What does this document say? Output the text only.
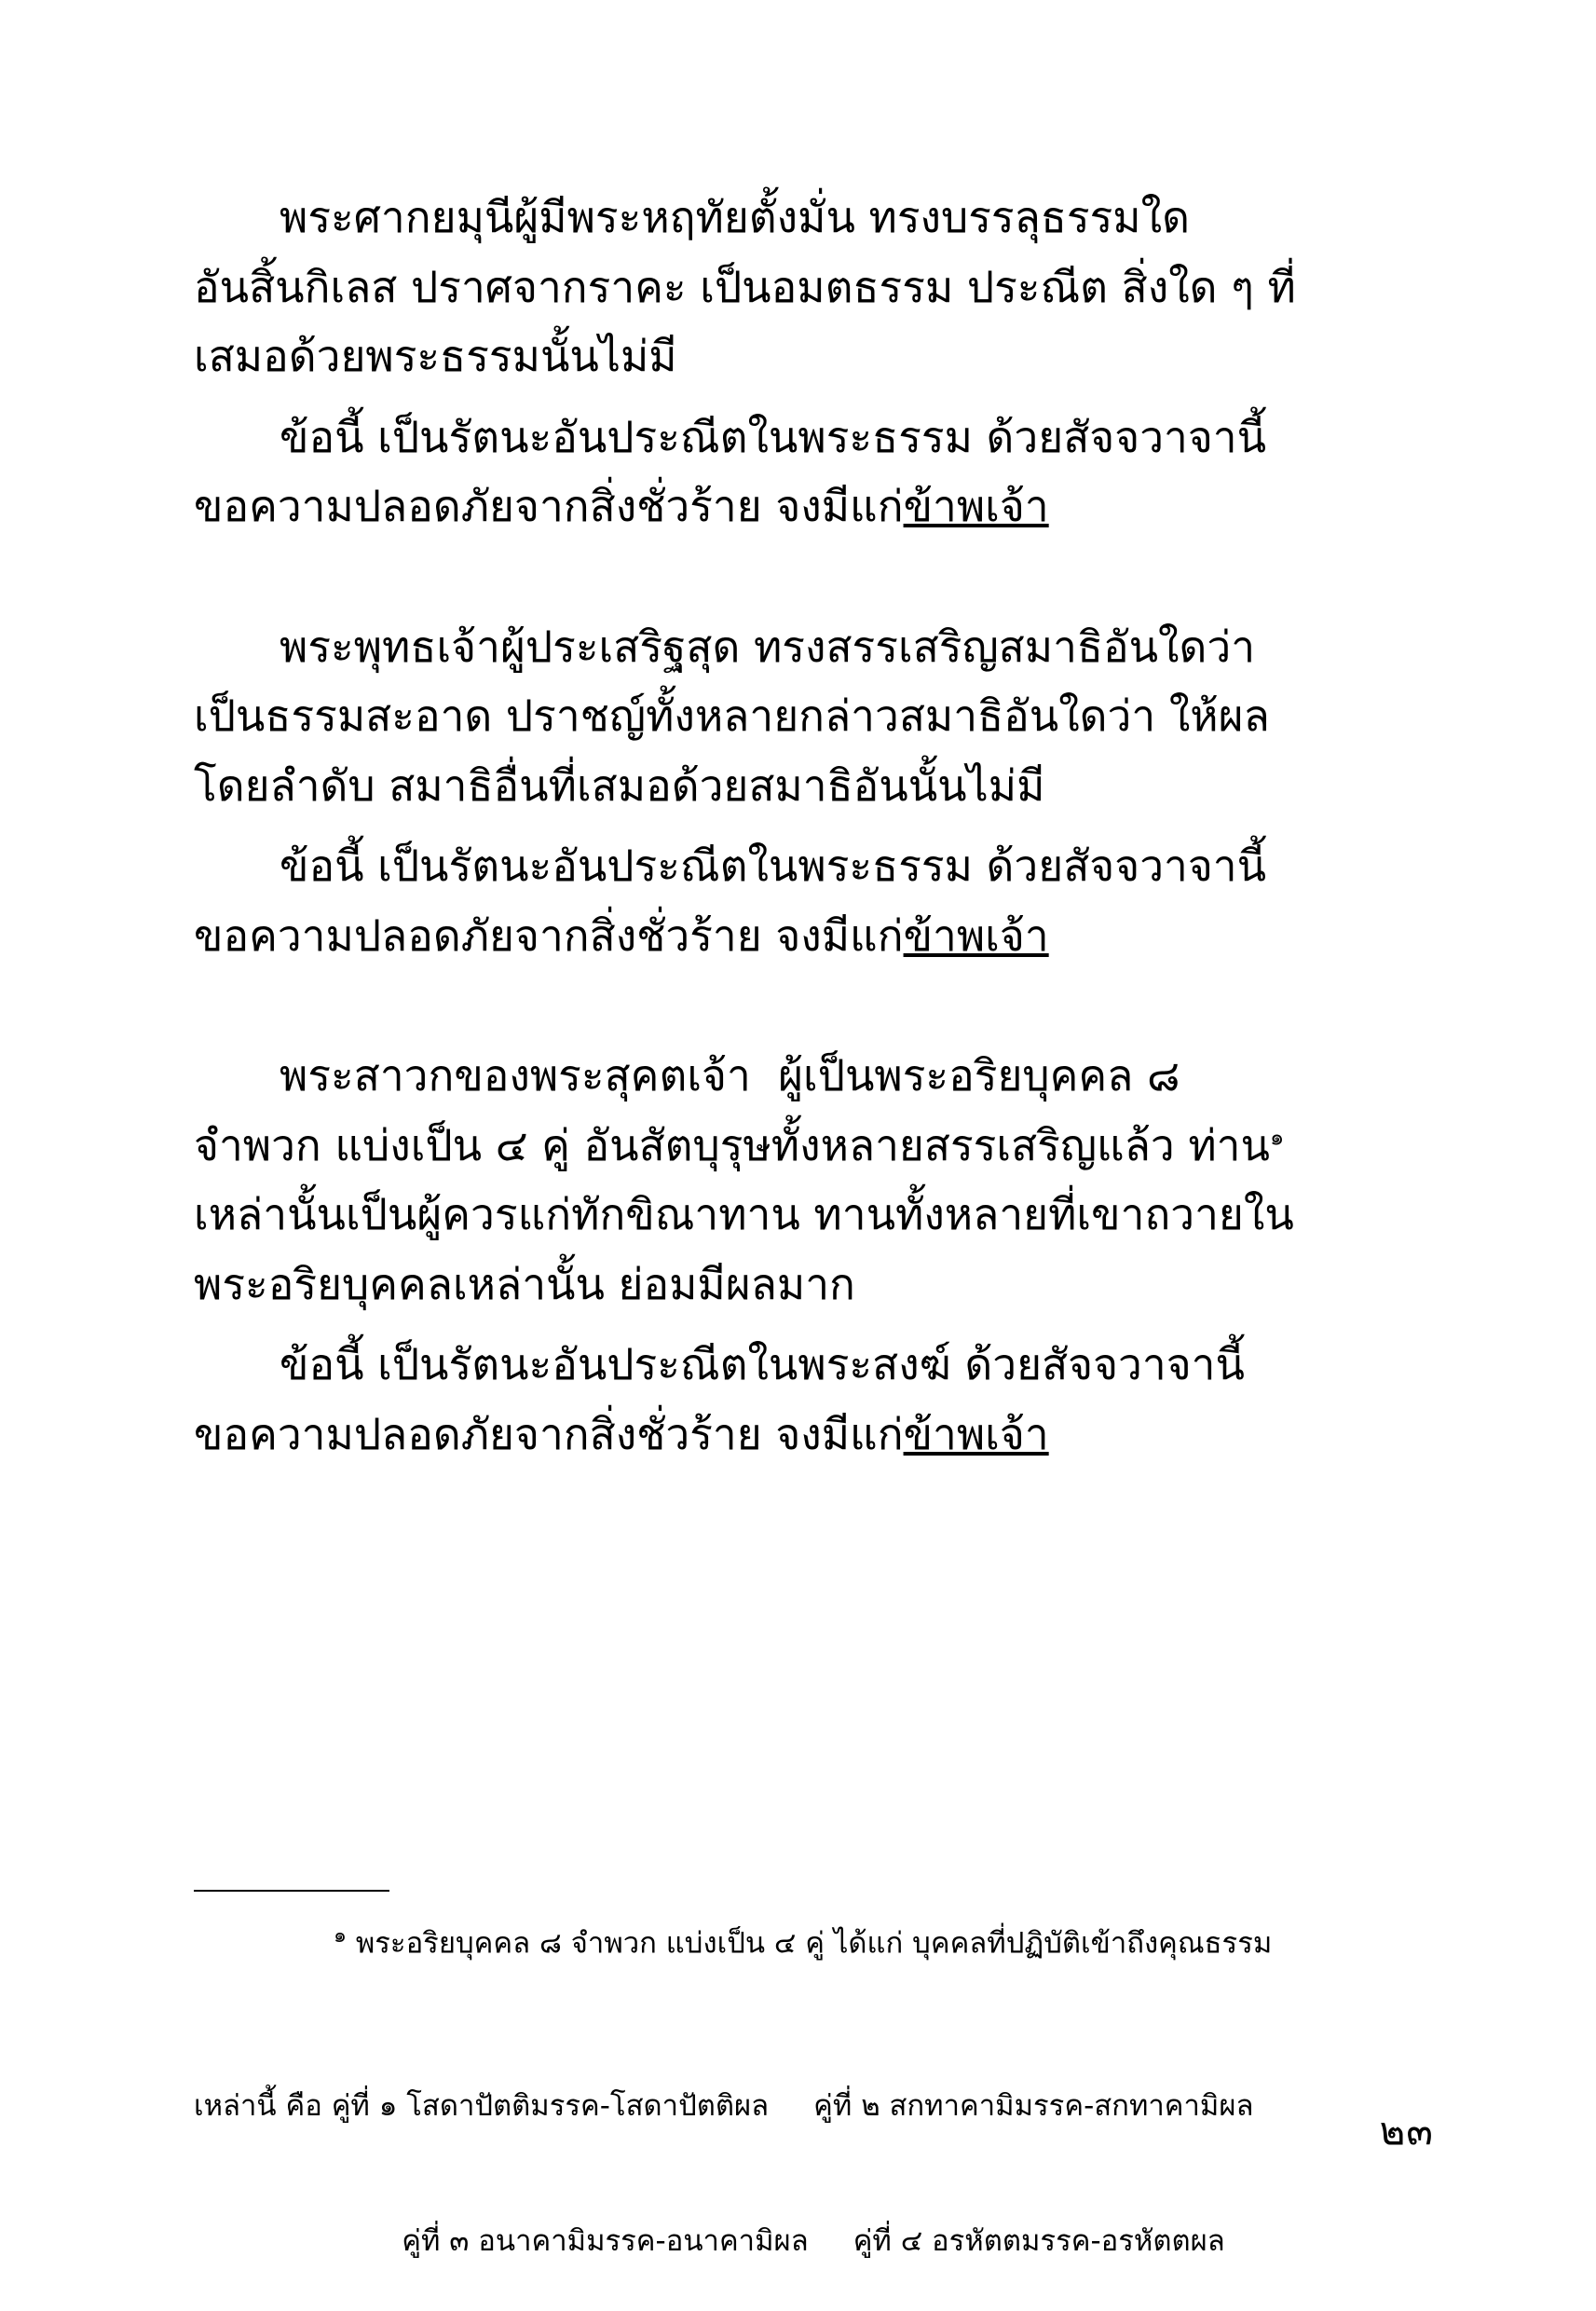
พระศากยมุนีผู้มีพระหฤทัยตั้งมั่น ทรงบรรลุธรรมใด

อันสิ้นกิเลส ปราศจากราคะ เป็นอมตธรรม ประณีต สิ่งใด ๆ ที่

เสมอด้วยพระธรรมนั้นไม่มี

ข้อนี้ เป็นรัตนะอันประณีตในพระธรรม ด้วยสัจจวาจานี้

ขอความปลอดภัยจากสิ่งชั่วร้าย จงมีแก่ข้าพเจ้า

พระพุทธเจ้าผู้ประเสริฐสุด ทรงสรรเสริญสมาธิอันใดว่า

เป็นธรรมสะอาด ปราชญ์ทั้งหลายกล่าวสมาธิอันใดว่า ให้ผล

โดยลำดับ สมาธิอื่นที่เสมอด้วยสมาธิอันนั้นไม่มี

ข้อนี้ เป็นรัตนะอันประณีตในพระธรรม ด้วยสัจจวาจานี้

ขอความปลอดภัยจากสิ่งชั่วร้าย จงมีแก่ข้าพเจ้า

พระสาวกของพระสุคตเจ้า  ผู้เป็นพระอริยบุคคล ๘

จำพวก แบ่งเป็น ๔ คู่ อันสัตบุรุษทั้งหลายสรรเสริญแล้ว ท่าน$^๑$

เหล่านั้นเป็นผู้ควรแก่ทักขิณาทาน ทานทั้งหลายที่เขาถวายใน

พระอริยบุคคลเหล่านั้น ย่อมมีผลมาก

ข้อนี้ เป็นรัตนะอันประณีตในพระสงฆ์ ด้วยสัจจวาจานี้

ขอความปลอดภัยจากสิ่งชั่วร้าย จงมีแก่ข้าพเจ้า

$^๑$ พระอริยบุคคล ๘ จำพวก แบ่งเป็น ๔ คู่ ได้แก่ บุคคลที่ปฏิบัติเข้าถึงคุณธรรม

เหล่านี้ คือ คู่ที่ ๑ โสดาปัตติมรรค-โสดาปัตติผล คู่ที่ ๒ สกทาคามิมรรค-สกทาคามิผล

คู่ที่ ๓ อนาคามิมรรค-อนาคามิผล คู่ที่ ๔ อรหัตตมรรค-อรหัตตผล

๒๓
